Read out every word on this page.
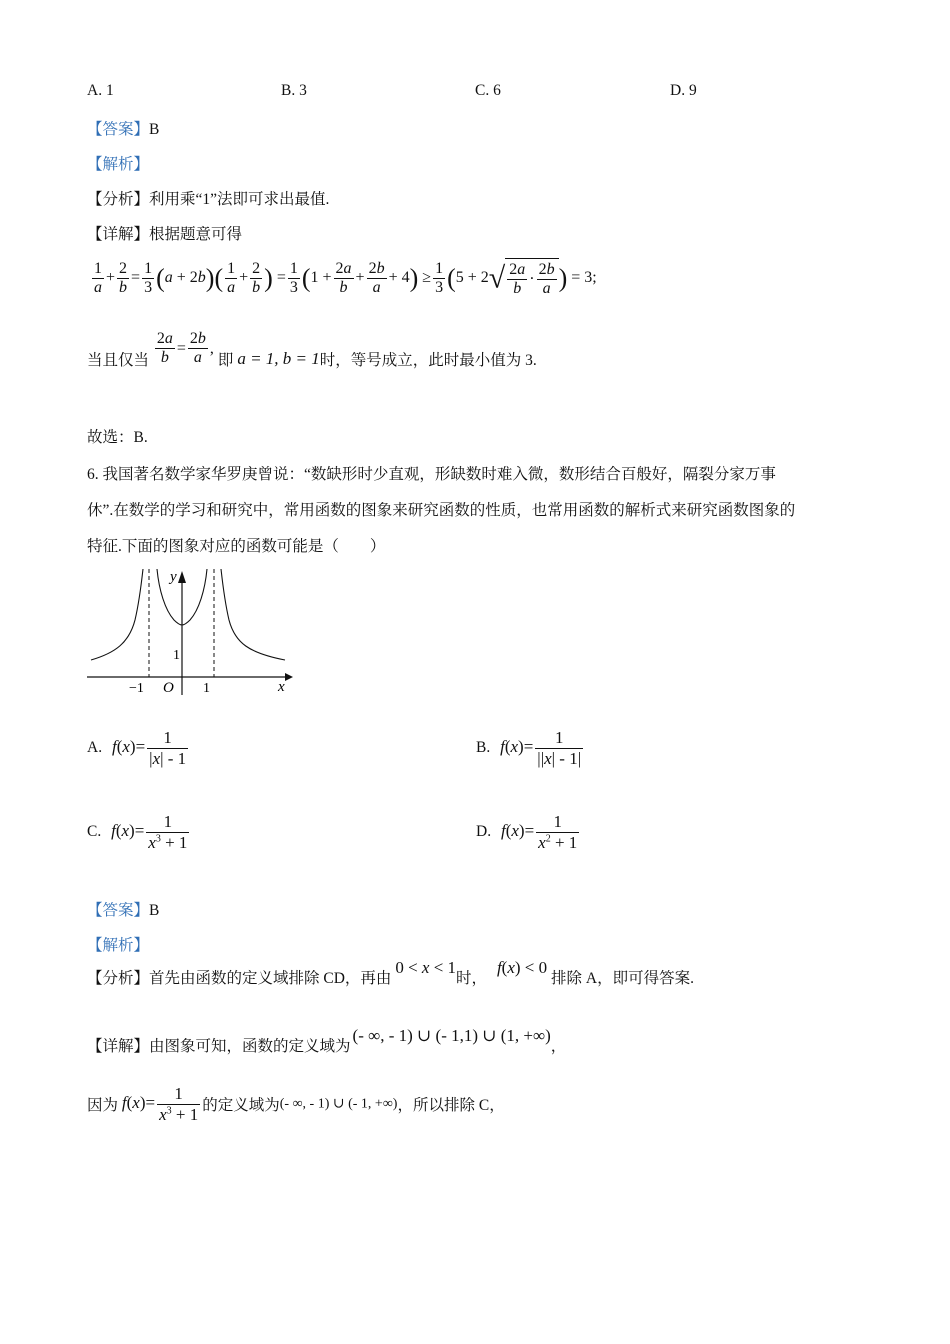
A. 1	B. 3	C. 6	D. 9
【答案】B
【解析】
【分析】利用乘“1”法即可求出最值.
【详解】根据题意可得
$\frac{1}{a} + \frac{2}{b} = \frac{1}{3} (a + 2b)( \frac{1}{a} + \frac{2}{b}$ ) = $\frac{1}{3} (1 + \frac{2a}{b} + \frac{2b}{a} + 4) \ge \frac{1}{3} (5 + 2√ \frac{2a}{b} \cdot \frac{2b}{a}$ ) = 3;
当且仅当 $\frac{2a}{b} = \frac{2b}{a}$ , 即 a = 1, b = 1时，等号成立，此时最小值为 3.
故选：B.
6. 我国著名数学家华罗庚曾说：“数缺形时少直观，形缺数时难入微，数形结合百般好，隔裂分家万事
休”.在数学的学习和研究中，常用函数的图象来研究函数的性质，也常用函数的解析式来研究函数图象的
特征.下面的图象对应的函数可能是（　　）
y
x
O
−1	1
1
A. $f(x)= \frac{1}{|x| - 1}$	B. $f(x)= \frac{1}{||x| - 1|}$
C. $f(x)= \frac{1}{x^3 + 1}$	D. $f(x)= \frac{1}{x^2 + 1}$
【答案】B
【解析】
【分析】首先由函数的定义域排除 CD，再由 0 < x < 1时， f(x) < 0 排除 A，即可得答案.
【详解】由图象可知，函数的定义域为(- ∞, - 1) ∪ (- 1,1) ∪ (1, +∞)，
因为 $f(x)= \frac{1}{x^3 + 1}$ 的定义域为(- ∞, - 1) ∪ (- 1, +∞)，所以排除 C，
